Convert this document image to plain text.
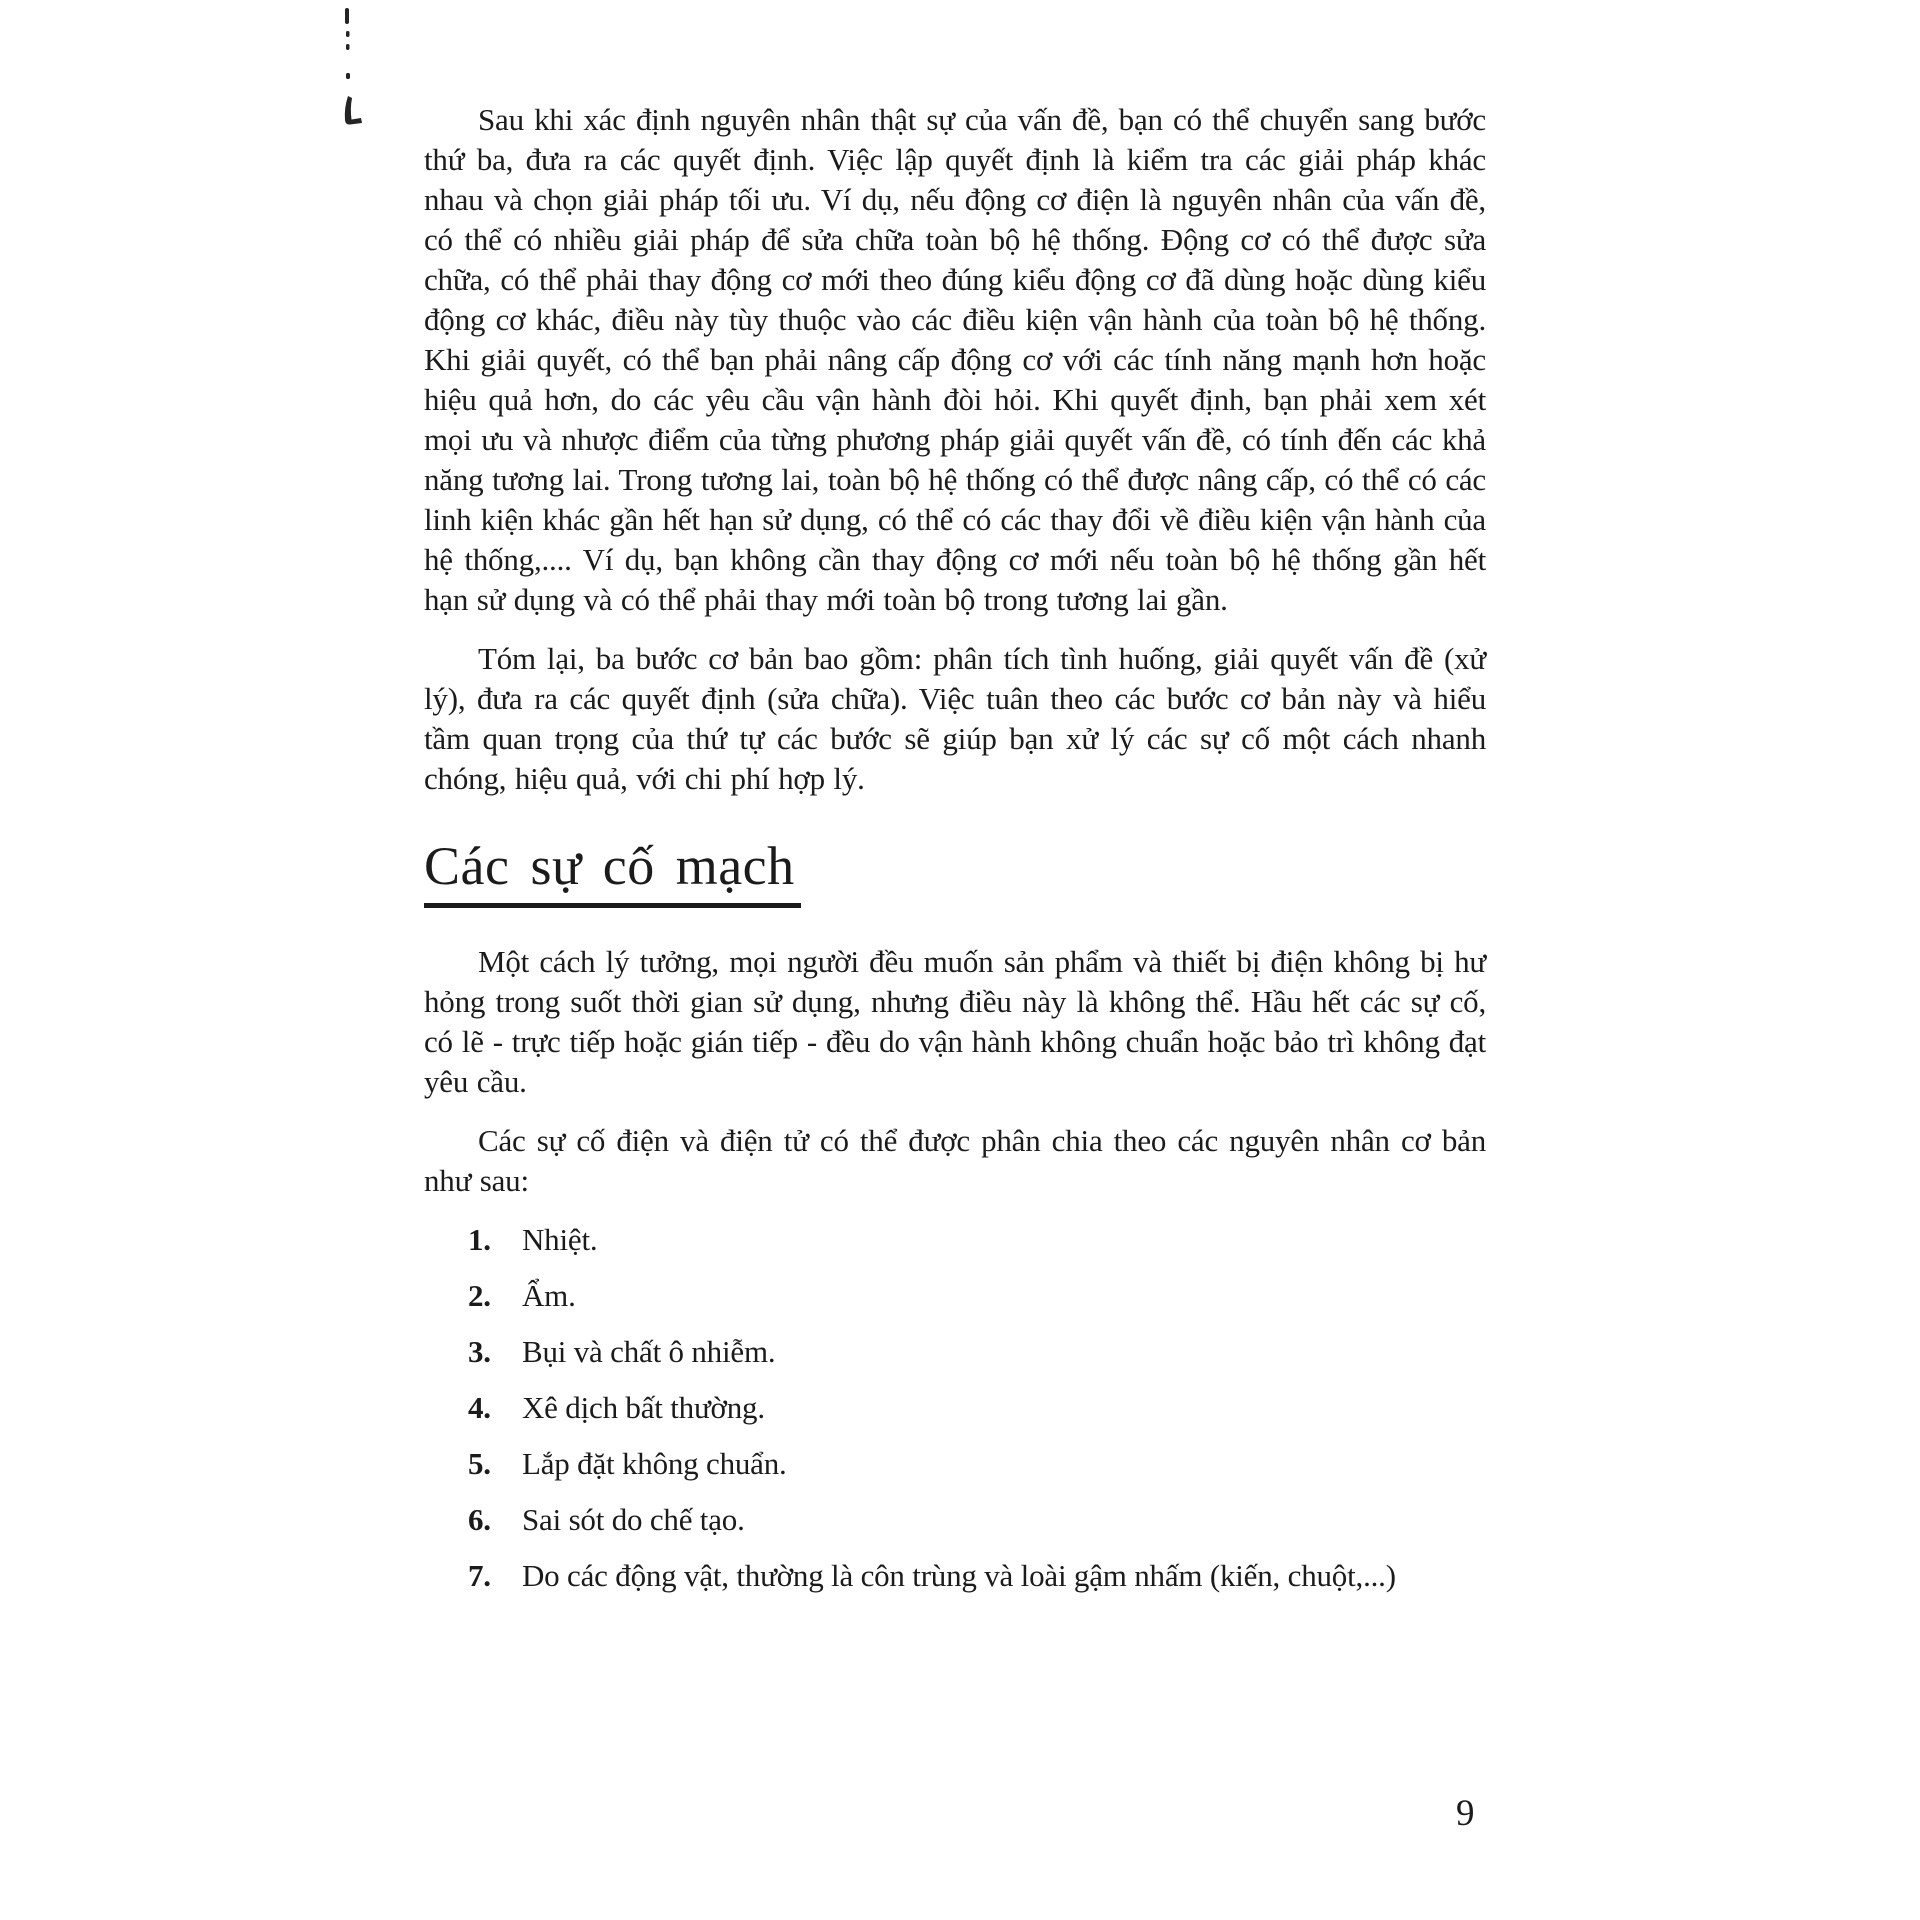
Sau khi xác định nguyên nhân thật sự của vấn đề, bạn có thể chuyển sang bước thứ ba, đưa ra các quyết định. Việc lập quyết định là kiểm tra các giải pháp khác nhau và chọn giải pháp tối ưu. Ví dụ, nếu động cơ điện là nguyên nhân của vấn đề, có thể có nhiều giải pháp để sửa chữa toàn bộ hệ thống. Động cơ có thể được sửa chữa, có thể phải thay động cơ mới theo đúng kiểu động cơ đã dùng hoặc dùng kiểu động cơ khác, điều này tùy thuộc vào các điều kiện vận hành của toàn bộ hệ thống. Khi giải quyết, có thể bạn phải nâng cấp động cơ với các tính năng mạnh hơn hoặc hiệu quả hơn, do các yêu cầu vận hành đòi hỏi. Khi quyết định, bạn phải xem xét mọi ưu và nhược điểm của từng phương pháp giải quyết vấn đề, có tính đến các khả năng tương lai. Trong tương lai, toàn bộ hệ thống có thể được nâng cấp, có thể có các linh kiện khác gần hết hạn sử dụng, có thể có các thay đổi về điều kiện vận hành của hệ thống,.... Ví dụ, bạn không cần thay động cơ mới nếu toàn bộ hệ thống gần hết hạn sử dụng và có thể phải thay mới toàn bộ trong tương lai gần.

Tóm lại, ba bước cơ bản bao gồm: phân tích tình huống, giải quyết vấn đề (xử lý), đưa ra các quyết định (sửa chữa). Việc tuân theo các bước cơ bản này và hiểu tầm quan trọng của thứ tự các bước sẽ giúp bạn xử lý các sự cố một cách nhanh chóng, hiệu quả, với chi phí hợp lý.

Các sự cố mạch

Một cách lý tưởng, mọi người đều muốn sản phẩm và thiết bị điện không bị hư hỏng trong suốt thời gian sử dụng, nhưng điều này là không thể. Hầu hết các sự cố, có lẽ - trực tiếp hoặc gián tiếp - đều do vận hành không chuẩn hoặc bảo trì không đạt yêu cầu.

Các sự cố điện và điện tử có thể được phân chia theo các nguyên nhân cơ bản như sau:

1. Nhiệt.
2. Ẩm.
3. Bụi và chất ô nhiễm.
4. Xê dịch bất thường.
5. Lắp đặt không chuẩn.
6. Sai sót do chế tạo.
7. Do các động vật, thường là côn trùng và loài gậm nhấm (kiến, chuột,...)
9
